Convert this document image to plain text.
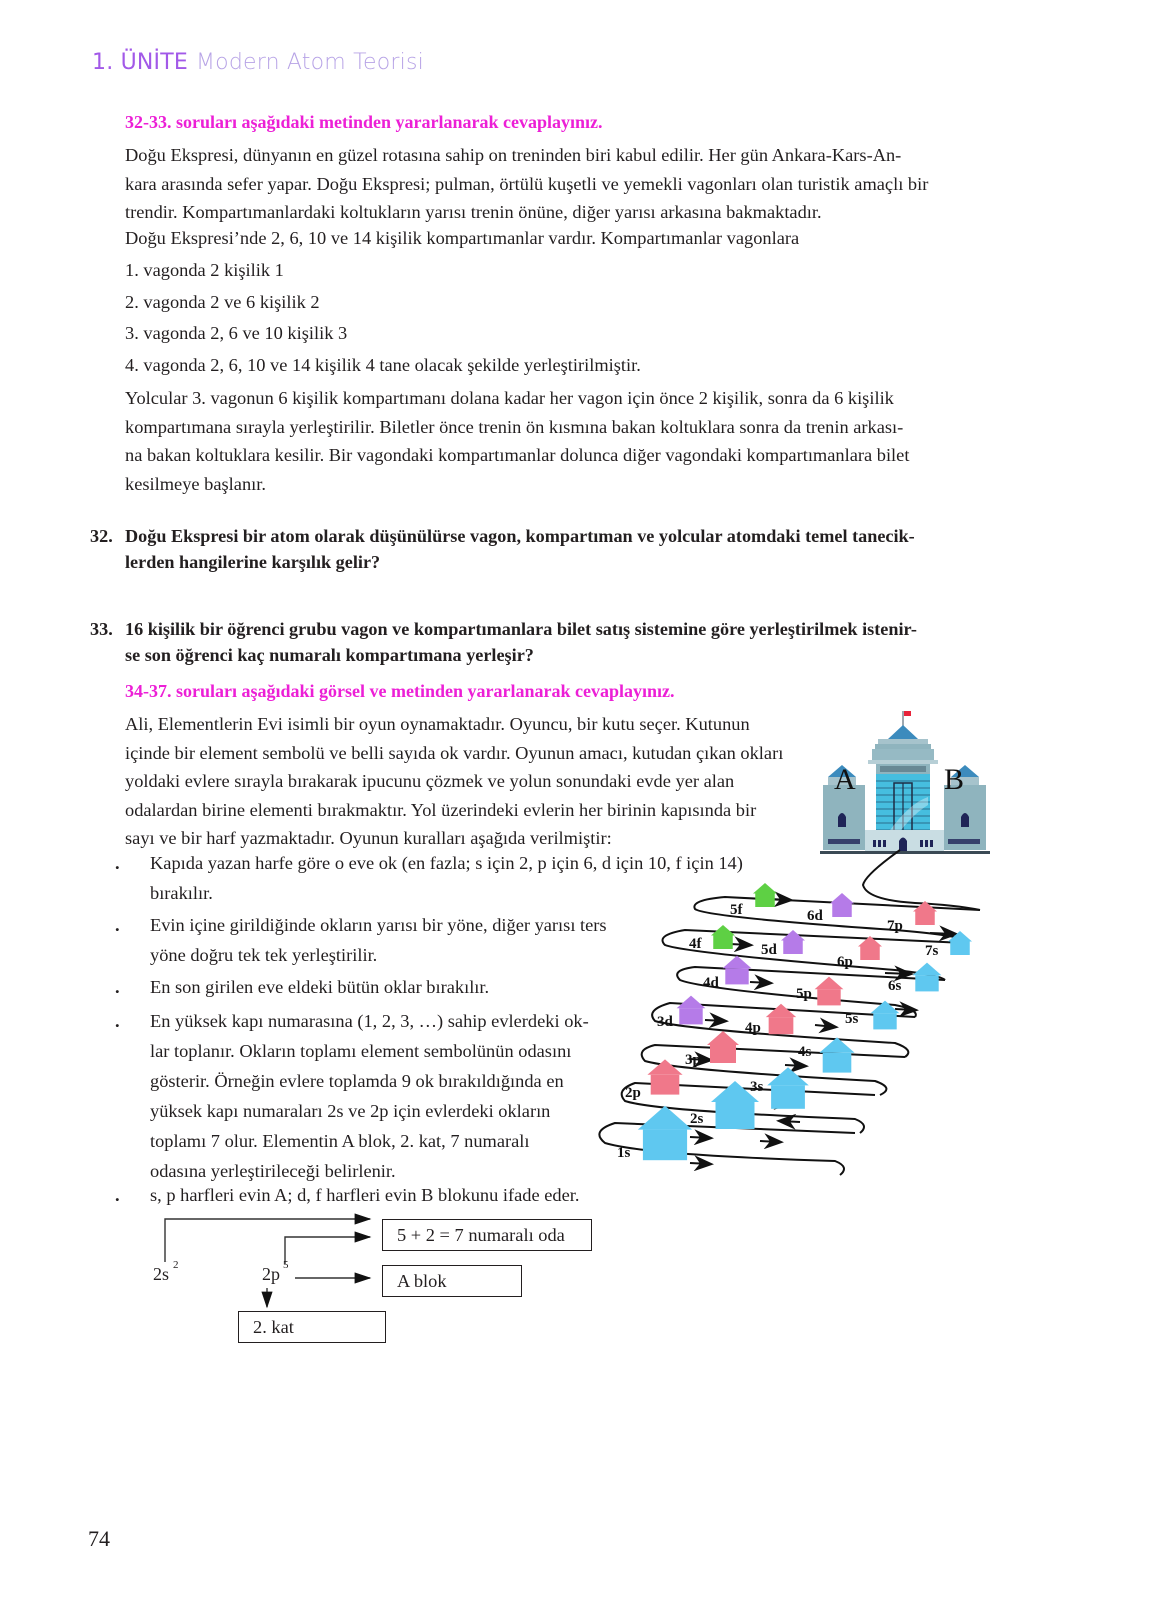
1. ÜNİTE Modern Atom Teorisi
32-33. soruları aşağıdaki metinden yararlanarak cevaplayınız.
Doğu Ekspresi, dünyanın en güzel rotasına sahip on treninden biri kabul edilir. Her gün Ankara-Kars-An-
kara arasında sefer yapar. Doğu Ekspresi; pulman, örtülü kuşetli ve yemekli vagonları olan turistik amaçlı bir
trendir. Kompartımanlardaki koltukların yarısı trenin önüne, diğer yarısı arkasına bakmaktadır.
Doğu Ekspresi’nde 2, 6, 10 ve 14 kişilik kompartımanlar vardır. Kompartımanlar vagonlara
1. vagonda 2 kişilik 1
2. vagonda 2 ve 6 kişilik 2
3. vagonda 2, 6 ve 10 kişilik 3
4. vagonda 2, 6, 10 ve 14 kişilik 4 tane olacak şekilde yerleştirilmiştir.
Yolcular 3. vagonun 6 kişilik kompartımanı dolana kadar her vagon için önce 2 kişilik, sonra da 6 kişilik
kompartımana sırayla yerleştirilir. Biletler önce trenin ön kısmına bakan koltuklara sonra da trenin arkası-
na bakan koltuklara kesilir. Bir vagondaki kompartımanlar dolunca diğer vagondaki kompartımanlara bilet
kesilmeye başlanır.
32. Doğu Ekspresi bir atom olarak düşünülürse vagon, kompartıman ve yolcular atomdaki temel tanecik-
lerden hangilerine karşılık gelir?
33. 16 kişilik bir öğrenci grubu vagon ve kompartımanlara bilet satış sistemine göre yerleştirilmek istenir-
se son öğrenci kaç numaralı kompartımana yerleşir?
34-37. soruları aşağıdaki görsel ve metinden yararlanarak cevaplayınız.
Ali, Elementlerin Evi isimli bir oyun oynamaktadır. Oyuncu, bir kutu seçer. Kutunun
içinde bir element sembolü ve belli sayıda ok vardır. Oyunun amacı, kutudan çıkan okları
yoldaki evlere sırayla bırakarak ipucunu çözmek ve yolun sonundaki evde yer alan
odalardan birine elementi bırakmaktır. Yol üzerindeki evlerin her birinin kapısında bir
sayı ve bir harf yazmaktadır. Oyunun kuralları aşağıda verilmiştir:
. Kapıda yazan harfe göre o eve ok (en fazla; s için 2, p için 6, d için 10, f için 14)
bırakılır.
. Evin içine girildiğinde okların yarısı bir yöne, diğer yarısı ters
yöne doğru tek tek yerleştirilir.
. En son girilen eve eldeki bütün oklar bırakılır.
. En yüksek kapı numarasına (1, 2, 3, …) sahip evlerdeki ok-
lar toplanır. Okların toplamı element sembolünün odasını
gösterir. Örneğin evlere toplamda 9 ok bırakıldığında en
yüksek kapı numaraları 2s ve 2p için evlerdeki okların
toplamı 7 olur. Elementin A blok, 2. kat, 7 numaralı
odasına yerleştirileceği belirlenir.
. s, p harfleri evin A; d, f harfleri evin B blokunu ifade eder.
A	B
5f	6d
7p
4f	5d
6p
7s
4d
5p	6s
3d	4p
5s
3p	4s
2p	3s
2s
1s
2s 2	2p 5
5 + 2 = 7 numaralı oda
A blok
2. kat
74
